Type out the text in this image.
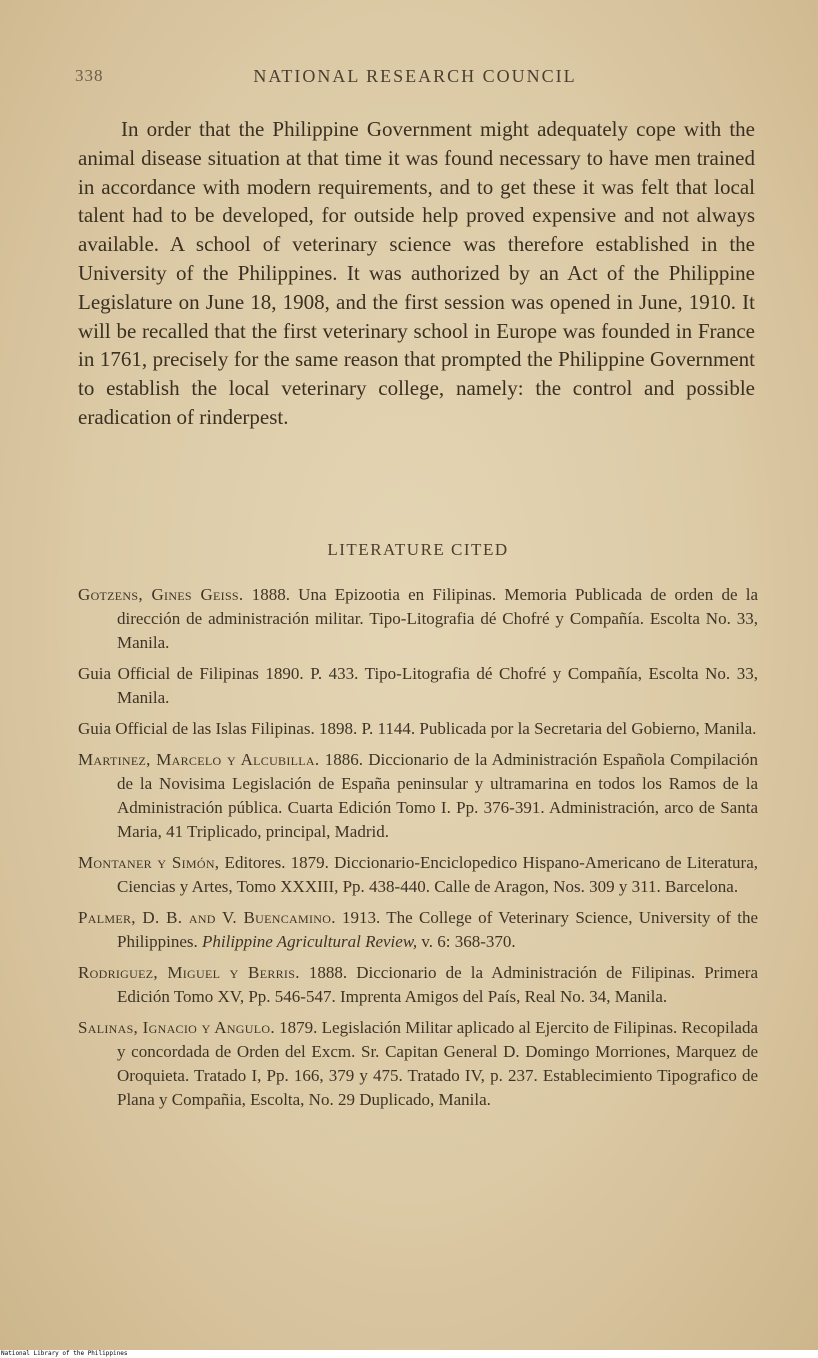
338	NATIONAL RESEARCH COUNCIL

In order that the Philippine Government might adequately cope with the animal disease situation at that time it was found necessary to have men trained in accordance with modern requirements, and to get these it was felt that local talent had to be developed, for outside help proved expensive and not always available. A school of veterinary science was therefore established in the University of the Philippines. It was authorized by an Act of the Philippine Legislature on June 18, 1908, and the first session was opened in June, 1910. It will be recalled that the first veterinary school in Europe was founded in France in 1761, precisely for the same reason that prompted the Philippine Government to establish the local veterinary college, namely: the control and possible eradication of rinderpest.

LITERATURE CITED
Gotzens, Gines Geiss. 1888. Una Epizootia en Filipinas. Memoria Publicada de orden de la dirección de administración militar. Tipo-Litografia dé Chofré y Compañía. Escolta No. 33, Manila.
Guia Official de Filipinas 1890. P. 433. Tipo-Litografia dé Chofré y Compañía, Escolta No. 33, Manila.
Guia Official de las Islas Filipinas. 1898. P. 1144. Publicada por la Secretaria del Gobierno, Manila.
Martinez, Marcelo y Alcubilla. 1886. Diccionario de la Administración Española Compilación de la Novisima Legislación de España peninsular y ultramarina en todos los Ramos de la Administración pública. Cuarta Edición Tomo I. Pp. 376-391. Administración, arco de Santa Maria, 41 Triplicado, principal, Madrid.
Montaner y Simón, Editores. 1879. Diccionario-Enciclopedico Hispano-Americano de Literatura, Ciencias y Artes, Tomo XXXIII, Pp. 438-440. Calle de Aragon, Nos. 309 y 311. Barcelona.
Palmer, D. B. and V. Buencamino. 1913. The College of Veterinary Science, University of the Philippines. Philippine Agricultural Review, v. 6: 368-370.
Rodriguez, Miguel y Berris. 1888. Diccionario de la Administración de Filipinas. Primera Edición Tomo XV, Pp. 546-547. Imprenta Amigos del País, Real No. 34, Manila.
Salinas, Ignacio y Angulo. 1879. Legislación Militar aplicado al Ejercito de Filipinas. Recopilada y concordada de Orden del Excm. Sr. Capitan General D. Domingo Morriones, Marquez de Oroquieta. Tratado I, Pp. 166, 379 y 475. Tratado IV, p. 237. Establecimiento Tipografico de Plana y Compañia, Escolta, No. 29 Duplicado, Manila.
National Library of the Philippines
